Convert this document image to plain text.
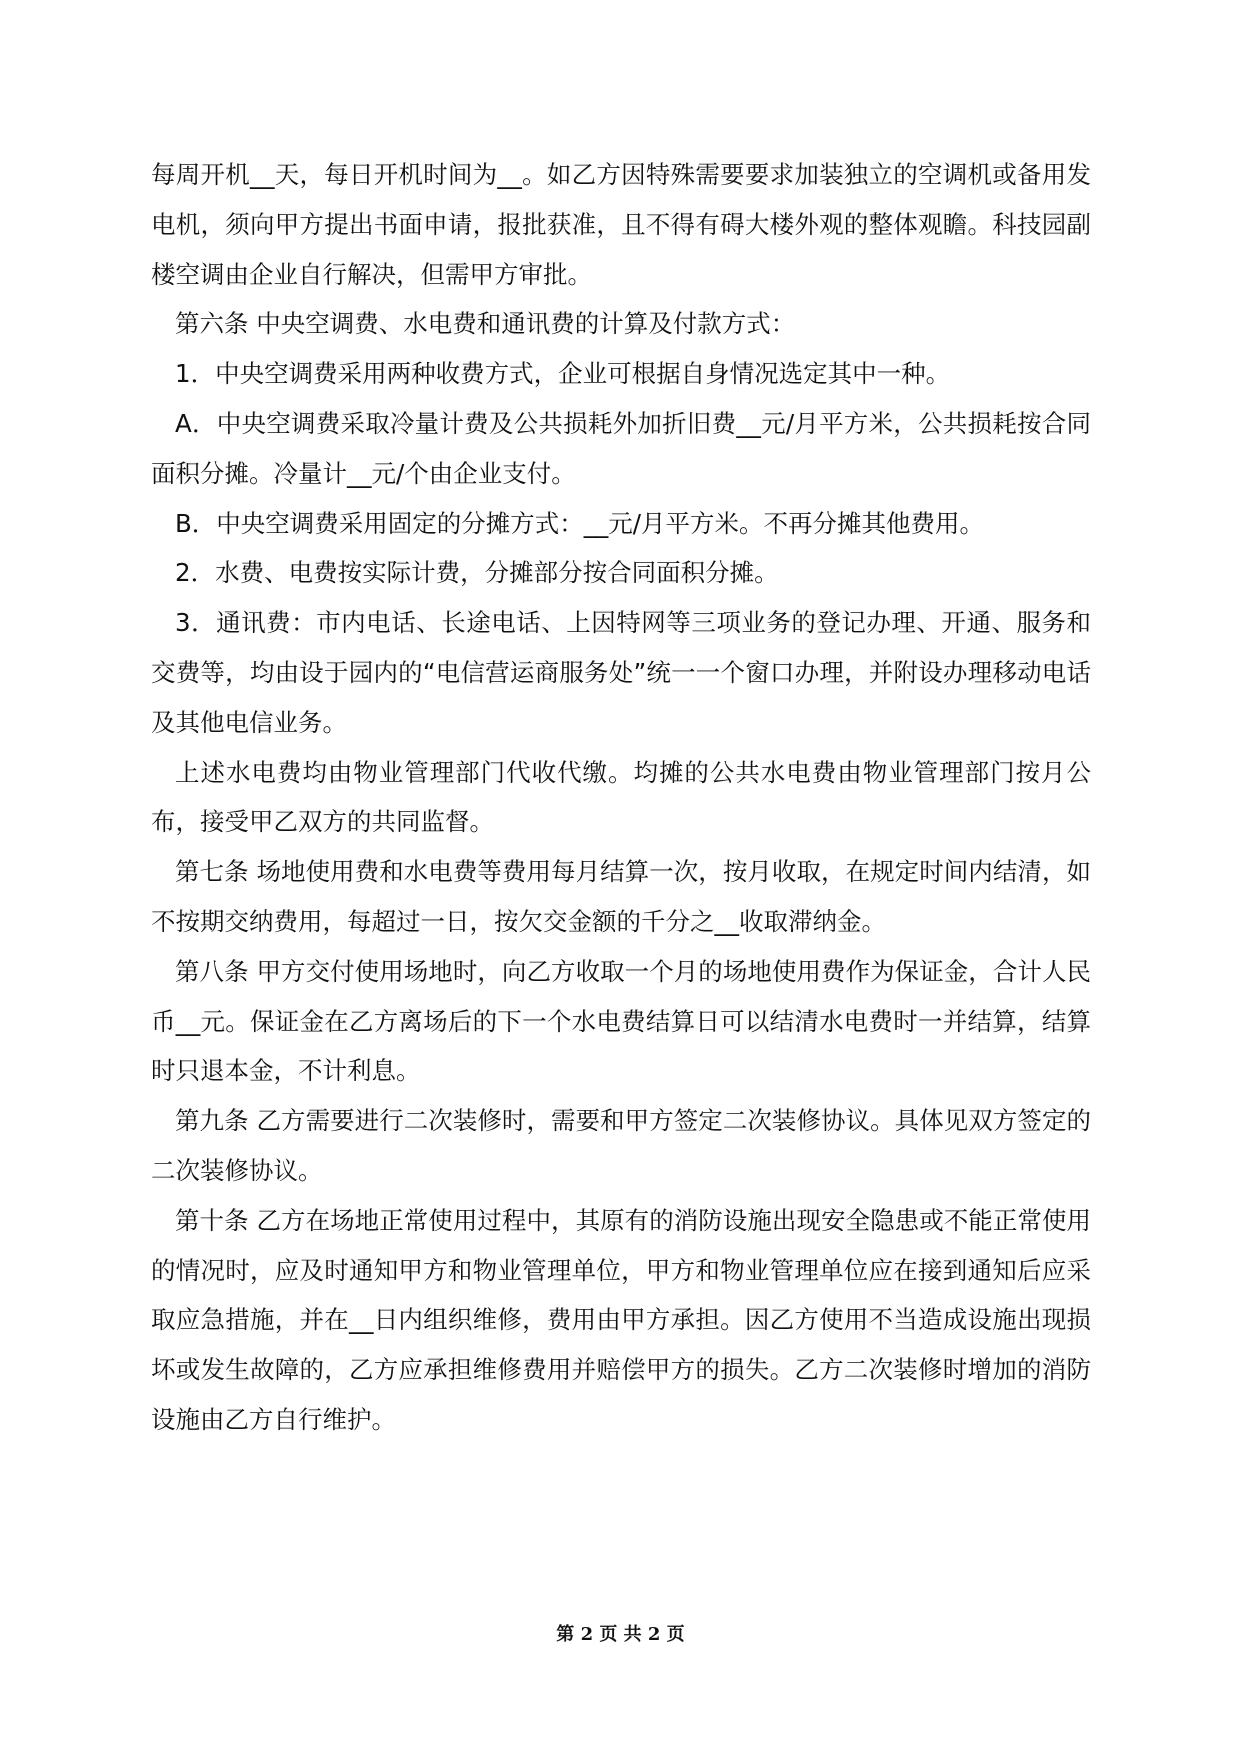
每周开机__天，每日开机时间为__。如乙方因特殊需要要求加装独立的空调机或备用发电机，须向甲方提出书面申请，报批获准，且不得有碍大楼外观的整体观瞻。科技园副楼空调由企业自行解决，但需甲方审批。

第六条 中央空调费、水电费和通讯费的计算及付款方式：

1．中央空调费采用两种收费方式，企业可根据自身情况选定其中一种。

A．中央空调费采取冷量计费及公共损耗外加折旧费__元/月平方米，公共损耗按合同面积分摊。冷量计__元/个由企业支付。

B．中央空调费采用固定的分摊方式：__元/月平方米。不再分摊其他费用。

2．水费、电费按实际计费，分摊部分按合同面积分摊。

3．通讯费：市内电话、长途电话、上因特网等三项业务的登记办理、开通、服务和交费等，均由设于园内的“电信营运商服务处”统一一个窗口办理，并附设办理移动电话及其他电信业务。

上述水电费均由物业管理部门代收代缴。均摊的公共水电费由物业管理部门按月公布，接受甲乙双方的共同监督。

第七条 场地使用费和水电费等费用每月结算一次，按月收取，在规定时间内结清，如不按期交纳费用，每超过一日，按欠交金额的千分之__收取滞纳金。

第八条 甲方交付使用场地时，向乙方收取一个月的场地使用费作为保证金，合计人民币__元。保证金在乙方离场后的下一个水电费结算日可以结清水电费时一并结算，结算时只退本金，不计利息。

第九条 乙方需要进行二次装修时，需要和甲方签定二次装修协议。具体见双方签定的二次装修协议。

第十条 乙方在场地正常使用过程中，其原有的消防设施出现安全隐患或不能正常使用的情况时，应及时通知甲方和物业管理单位，甲方和物业管理单位应在接到通知后应采取应急措施，并在__日内组织维修，费用由甲方承担。因乙方使用不当造成设施出现损坏或发生故障的，乙方应承担维修费用并赔偿甲方的损失。乙方二次装修时增加的消防设施由乙方自行维护。

第 2 页 共 2 页
